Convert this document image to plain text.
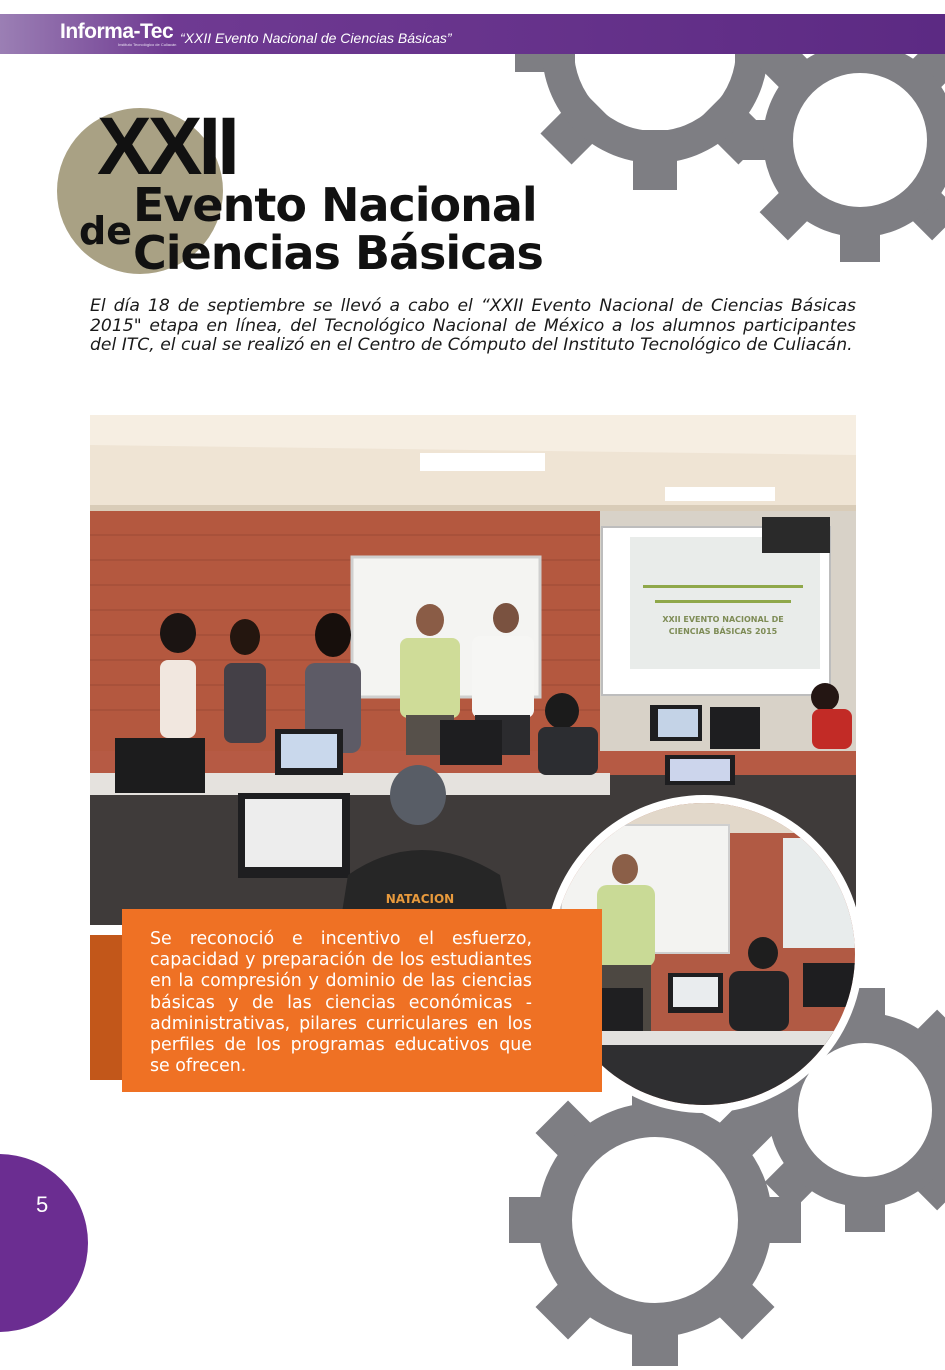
Informa-Tec
Instituto Tecnológico de Culiacán “XXII Evento Nacional de Ciencias Básicas”
XXII
Evento Nacional
de Ciencias Básicas

El día 18 de septiembre se llevó a cabo el “XXII Evento Nacional de Ciencias Básicas 2015" etapa en línea, del Tecnológico Nacional de México a los alumnos participantes del ITC, el cual se realizó en el Centro de Cómputo del Instituto Tecnológico de Culiacán.

XXII EVENTO NACIONAL DE
CIENCIAS BÁSICAS 2015
NATACION

Se reconoció e incentivo el esfuerzo, capacidad y preparación de los estudiantes en la compresión y dominio de las ciencias básicas y de las ciencias económicas - administrativas, pilares curriculares en los perfiles de los programas educativos que se ofrecen.

5
